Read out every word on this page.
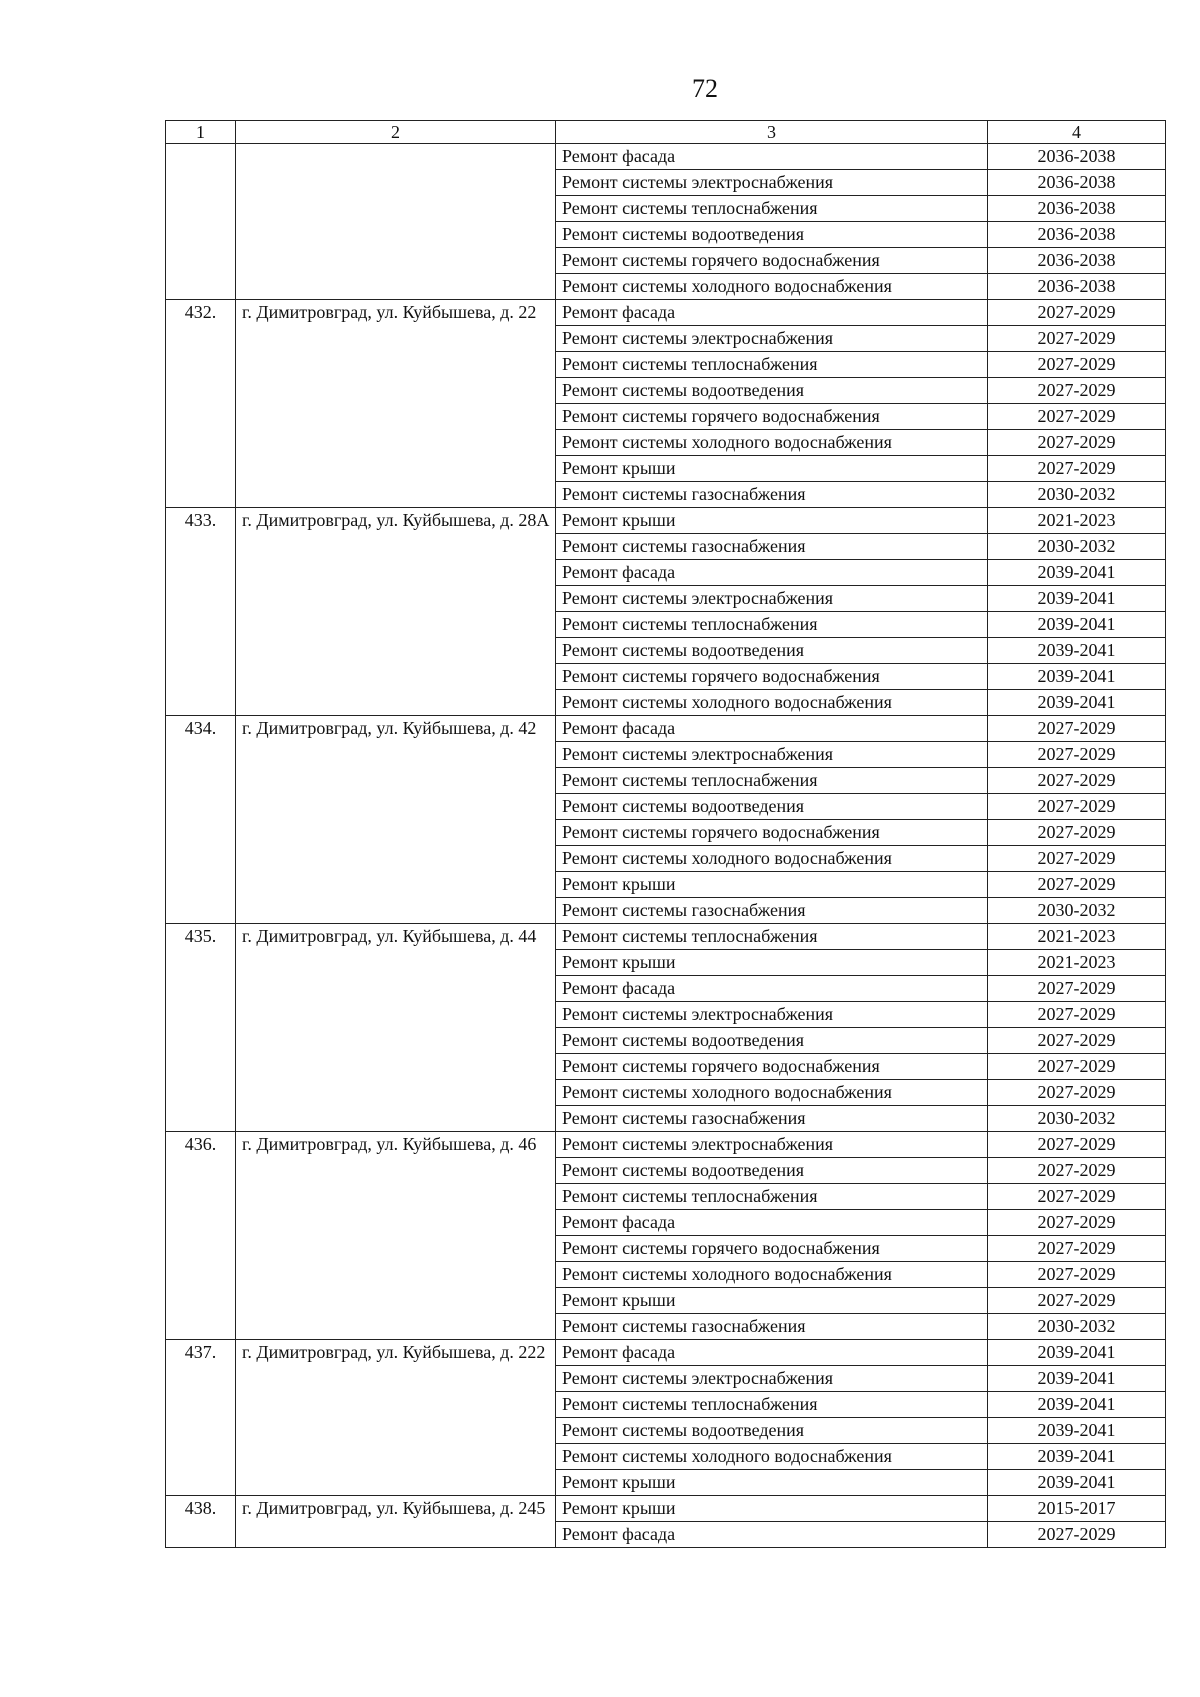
72
1	2	3	4
		Ремонт фасада	2036-2038
		Ремонт системы электроснабжения	2036-2038
		Ремонт системы теплоснабжения	2036-2038
		Ремонт системы водоотведения	2036-2038
		Ремонт системы горячего водоснабжения	2036-2038
		Ремонт системы холодного водоснабжения	2036-2038
432.	г. Димитровград, ул. Куйбышева, д. 22	Ремонт фасада	2027-2029
		Ремонт системы электроснабжения	2027-2029
		Ремонт системы теплоснабжения	2027-2029
		Ремонт системы водоотведения	2027-2029
		Ремонт системы горячего водоснабжения	2027-2029
		Ремонт системы холодного водоснабжения	2027-2029
		Ремонт крыши	2027-2029
		Ремонт системы газоснабжения	2030-2032
433.	г. Димитровград, ул. Куйбышева, д. 28А	Ремонт крыши	2021-2023
		Ремонт системы газоснабжения	2030-2032
		Ремонт фасада	2039-2041
		Ремонт системы электроснабжения	2039-2041
		Ремонт системы теплоснабжения	2039-2041
		Ремонт системы водоотведения	2039-2041
		Ремонт системы горячего водоснабжения	2039-2041
		Ремонт системы холодного водоснабжения	2039-2041
434.	г. Димитровград, ул. Куйбышева, д. 42	Ремонт фасада	2027-2029
		Ремонт системы электроснабжения	2027-2029
		Ремонт системы теплоснабжения	2027-2029
		Ремонт системы водоотведения	2027-2029
		Ремонт системы горячего водоснабжения	2027-2029
		Ремонт системы холодного водоснабжения	2027-2029
		Ремонт крыши	2027-2029
		Ремонт системы газоснабжения	2030-2032
435.	г. Димитровград, ул. Куйбышева, д. 44	Ремонт системы теплоснабжения	2021-2023
		Ремонт крыши	2021-2023
		Ремонт фасада	2027-2029
		Ремонт системы электроснабжения	2027-2029
		Ремонт системы водоотведения	2027-2029
		Ремонт системы горячего водоснабжения	2027-2029
		Ремонт системы холодного водоснабжения	2027-2029
		Ремонт системы газоснабжения	2030-2032
436.	г. Димитровград, ул. Куйбышева, д. 46	Ремонт системы электроснабжения	2027-2029
		Ремонт системы водоотведения	2027-2029
		Ремонт системы теплоснабжения	2027-2029
		Ремонт фасада	2027-2029
		Ремонт системы горячего водоснабжения	2027-2029
		Ремонт системы холодного водоснабжения	2027-2029
		Ремонт крыши	2027-2029
		Ремонт системы газоснабжения	2030-2032
437.	г. Димитровград, ул. Куйбышева, д. 222	Ремонт фасада	2039-2041
		Ремонт системы электроснабжения	2039-2041
		Ремонт системы теплоснабжения	2039-2041
		Ремонт системы водоотведения	2039-2041
		Ремонт системы холодного водоснабжения	2039-2041
		Ремонт крыши	2039-2041
438.	г. Димитровград, ул. Куйбышева, д. 245	Ремонт крыши	2015-2017
		Ремонт фасада	2027-2029
